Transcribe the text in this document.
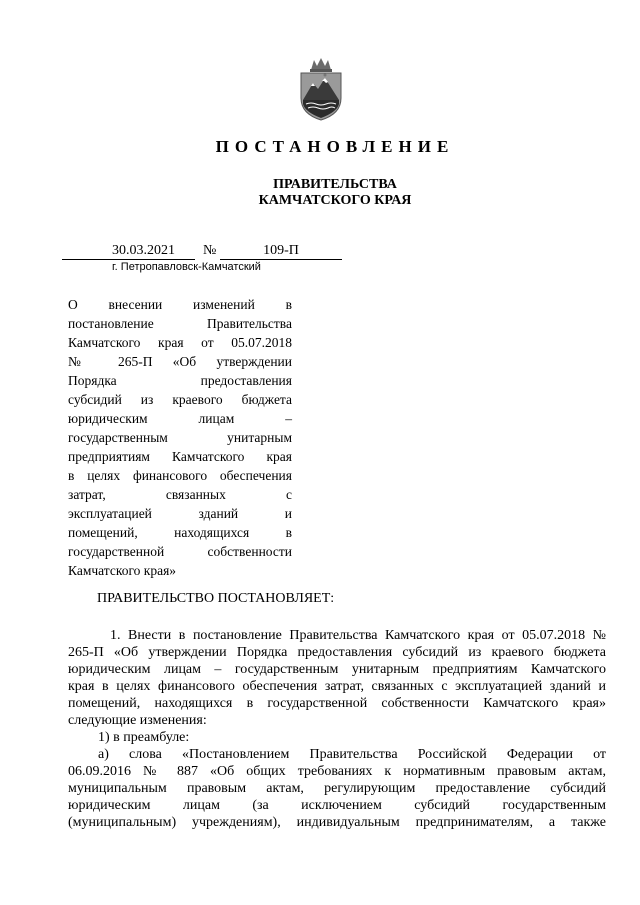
ПОСТАНОВЛЕНИЕ
ПРАВИТЕЛЬСТВА
КАМЧАТСКОГО КРАЯ
30.03.2021	№	109-П
г. Петропавловск-Камчатский
О внесении изменений в
постановление Правительства
Камчатского края от 05.07.2018
№ 265-П «Об утверждении
Порядка предоставления
субсидий из краевого бюджета
юридическим лицам –
государственным унитарным
предприятиям Камчатского края
в целях финансового обеспечения
затрат, связанных с
эксплуатацией зданий и
помещений, находящихся в
государственной собственности
Камчатского края»
ПРАВИТЕЛЬСТВО ПОСТАНОВЛЯЕТ:
1. Внести в постановление Правительства Камчатского края от 05.07.2018 №
265-П «Об утверждении Порядка предоставления субсидий из краевого бюджета
юридическим лицам – государственным унитарным предприятиям Камчатского
края в целях финансового обеспечения затрат, связанных с эксплуатацией зданий и
помещений, находящихся в государственной собственности Камчатского края»
следующие изменения:
1) в преамбуле:
а) слова «Постановлением Правительства Российской Федерации от
06.09.2016 № 887 «Об общих требованиях к нормативным правовым актам,
муниципальным правовым актам, регулирующим предоставление субсидий
юридическим лицам (за исключением субсидий государственным
(муниципальным) учреждениям), индивидуальным предпринимателям, а также
